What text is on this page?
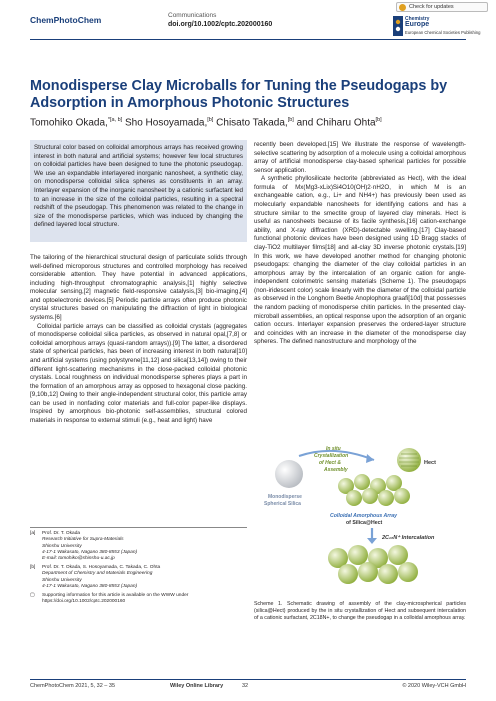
ChemPhotoChem	Communications
doi.org/10.1002/cptc.202000160
Check for updates
Chemistry
Europe
European Chemical Societies Publishing
Monodisperse Clay Microballs for Tuning the Pseudogaps by Adsorption in Amorphous Photonic Structures
Tomohiko Okada,$^{*[a, b]}$ Sho Hosoyamada,[b] Chisato Takada,[b] and Chiharu Ohta[b]
Structural color based on colloidal amorphous arrays has received growing interest in both natural and artificial systems; however few local structures on colloidal particles have been designed to tune the photonic pseudogap. We use an expandable interlayered inorganic nanosheet, a synthetic clay, on monodisperse colloidal silica spheres as constituents in an array. Interlayer expansion of the inorganic nanosheet by a cationic surfactant led to an increase in the size of the colloidal particles, resulting in a spectral redshift of the pseudogap. This phenomenon was related to the change in size of the monodisperse particles, which was induced by changing the defined layered local structure.

The tailoring of the hierarchical structural design of particulate solids through well-defined microporous structures and controlled morphology has received considerable attention. They have potential in advanced applications, including high-throughput chromatographic analysis,[1] highly selective molecular sensing,[2] magnetic field-responsive catalysis,[3] bio-imaging,[4] and optoelectronic devices.[5] Periodic particle arrays often produce photonic crystal structures based on manipulating the diffraction of light in biological systems.[6]

Colloidal particle arrays can be classified as colloidal crystals (aggregates of monodisperse colloidal silica particles, as observed in natural opal,[7,8] or colloidal amorphous arrays (quasi-random arrays)).[9] The latter, a disordered state of spherical particles, has been of increasing interest in both natural[10] and artificial systems (using polystyrene[11,12] and silica[13,14]) owing to their different light-scattering mechanisms in the close-packed colloidal photonic crystals. Local roughness on individual monodisperse spheres plays a part in the formation of an amorphous array as opposed to hexagonal close packing.[9,10b,12] Owing to their angle-independent structural color, this particle array can be used in nonfading color materials and full-color paper-like displays. Inspired by amorphous bio-photonic self-assemblies, structural colored materials in response to external stimuli (e.g., heat and light) have

recently been developed.[15] We illustrate the response of wavelength-selective scattering by adsorption of a molecule using a colloidal amorphous array of artificial monodisperse clay-based spherical particles for possible sensor application.

A synthetic phyllosilicate hectorite (abbreviated as Hect), with the ideal formula of Mx(Mg3-xLix)Si4O10(OH)2·nH2O, in which M is an exchangeable cation, e.g., Li+ and NH4+) has previously been used as molecularly expandable nanosheets for identifying cations and has a structure similar to the smectite group of layered clay minerals. Hect is useful as nanosheets because of its facile synthesis,[16] cation-exchange ability, and X-ray diffraction (XRD)-detectable swelling.[17] Clay-based functional photonic devices have been designed using 1D Bragg stacks of clay-TiO2 multilayer films[18] and all-clay 3D inverse photonic crystals.[19] In this work, we have developed another method for changing photonic pseudogaps: changing the diameter of the clay colloidal particles in an amorphous array by the intercalation of an organic cation for angle-independent colorimetric sensing materials (Scheme 1). The pseudogaps (non-iridescent color) scale linearly with the diameter of the colloidal particle as observed in the Longhorn Beetle Anoplophora graafi[10d] that possesses the random packing of monodisperse chitin particles. In the presented clay-microball assemblies, an optical response upon the adsorption of an organic cation occurs. Interlayer expansion preserves the ordered-layer structure and coincides with an increase in the diameter of the monodisperse clay spheres. The defined nanostructure and morphology of the

[a] Prof. Dr. T. Okada
Research Initiative for Supra-Materials
Shinshu University
4-17-1 Wakasato, Nagano 380-8553 (Japan)
E-mail: tomohiko@shinshu-u.ac.jp
[b] Prof. Dr. T. Okada, S. Hosoyamada, C. Takada, C. Ohta
Department of Chemistry and Materials Engineering
Shinshu University
4-17-1 Wakasato, Nagano 380-8553 (Japan)
▢ Supporting information for this article is available on the WWW under https://doi.org/10.1002/cptc.202000160
In situ
Crystallization
of Hect &
Assembly
Hect
Monodisperse
Spherical Silica
Colloidal Amorphous Array
of Silica@Hect
2C₁₈N⁺ Intercalation
Scheme 1. Schematic drawing of assembly of the clay-microspherical particles (silica@Hect) produced by the in situ crystallization of Hect and subsequent intercalation of a cationic surfactant, 2C18N+, to change the pseudogap in a colloidal amorphous array.
ChemPhotoChem 2021, 5, 32 – 35	Wiley Online Library	32	© 2020 Wiley-VCH GmbH
